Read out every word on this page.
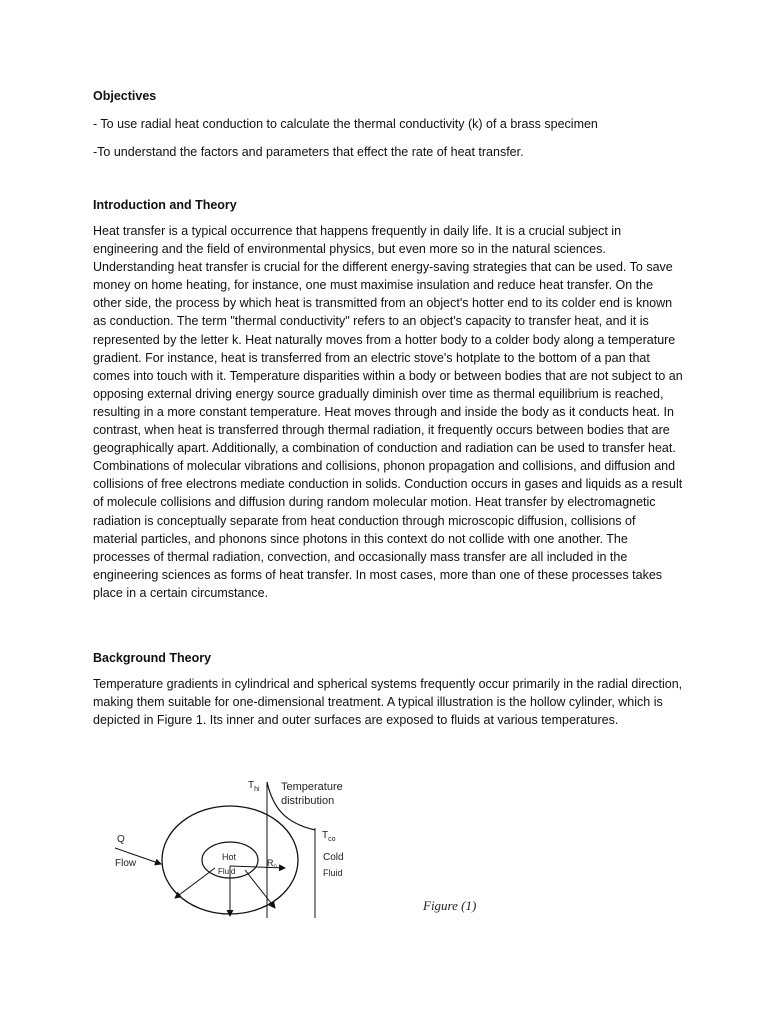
Objectives

- To use radial heat conduction to calculate the thermal conductivity (k) of a brass specimen

-To understand the factors and parameters that effect the rate of heat transfer.

Introduction and Theory

Heat transfer is a typical occurrence that happens frequently in daily life. It is a crucial subject in engineering and the field of environmental physics, but even more so in the natural sciences. Understanding heat transfer is crucial for the different energy-saving strategies that can be used. To save money on home heating, for instance, one must maximise insulation and reduce heat transfer. On the other side, the process by which heat is transmitted from an object's hotter end to its colder end is known as conduction. The term "thermal conductivity" refers to an object's capacity to transfer heat, and it is represented by the letter k. Heat naturally moves from a hotter body to a colder body along a temperature gradient. For instance, heat is transferred from an electric stove's hotplate to the bottom of a pan that comes into touch with it. Temperature disparities within a body or between bodies that are not subject to an opposing external driving energy source gradually diminish over time as thermal equilibrium is reached, resulting in a more constant temperature. Heat moves through and inside the body as it conducts heat. In contrast, when heat is transferred through thermal radiation, it frequently occurs between bodies that are geographically apart. Additionally, a combination of conduction and radiation can be used to transfer heat. Combinations of molecular vibrations and collisions, phonon propagation and collisions, and diffusion and collisions of free electrons mediate conduction in solids. Conduction occurs in gases and liquids as a result of molecule collisions and diffusion during random molecular motion. Heat transfer by electromagnetic radiation is conceptually separate from heat conduction through microscopic diffusion, collisions of material particles, and phonons since photons in this context do not collide with one another. The processes of thermal radiation, convection, and occasionally mass transfer are all included in the engineering sciences as forms of heat transfer. In most cases, more than one of these processes takes place in a certain circumstance.

Background Theory

Temperature gradients in cylindrical and spherical systems frequently occur primarily in the radial direction, making them suitable for one-dimensional treatment. A typical illustration is the hollow cylinder, which is depicted in Figure 1. Its inner and outer surfaces are exposed to fluids at various temperatures.

$T_{hi}$ Temperature
distribution
$T_{co}$
Q
Flow
Hot
Fluid
$R_o$
Cold
Fluid
Figure (1)
